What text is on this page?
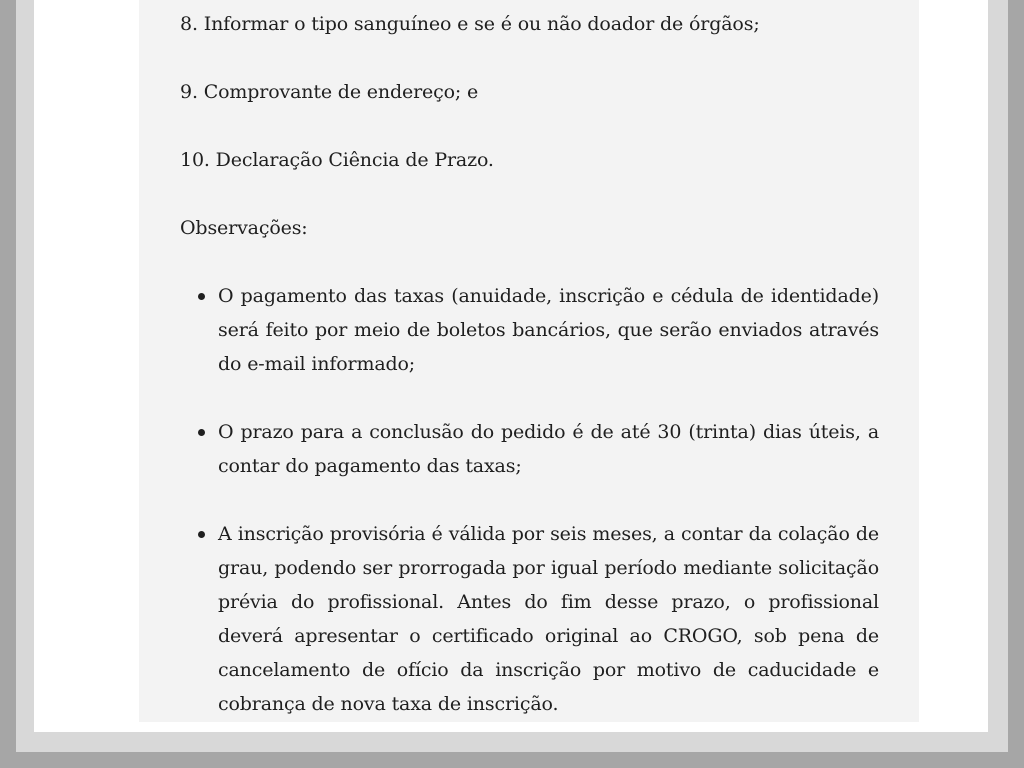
8. Informar o tipo sanguíneo e se é ou não doador de órgãos;

9. Comprovante de endereço; e

10. Declaração Ciência de Prazo.

Observações:

O pagamento das taxas (anuidade, inscrição e cédula de identidade) será feito por meio de boletos bancários, que serão enviados através do e-mail informado;
O prazo para a conclusão do pedido é de até 30 (trinta) dias úteis, a contar do pagamento das taxas;
A inscrição provisória é válida por seis meses, a contar da colação de grau, podendo ser prorrogada por igual período mediante solicitação prévia do profissional. Antes do fim desse prazo, o profissional deverá apresentar o certificado original ao CROGO, sob pena de cancelamento de ofício da inscrição por motivo de caducidade e cobrança de nova taxa de inscrição.
